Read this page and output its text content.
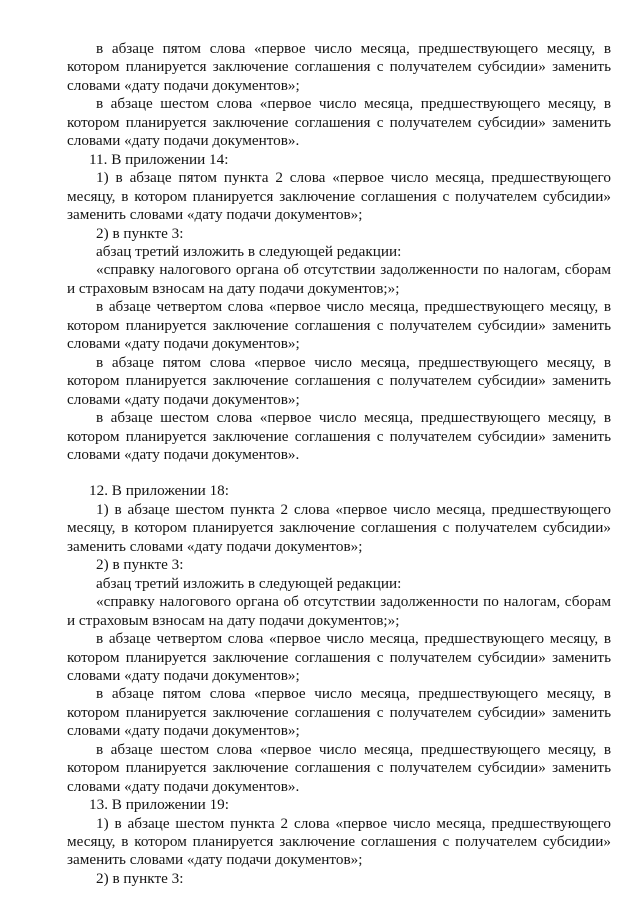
в абзаце пятом слова «первое число месяца, предшествующего месяцу, в котором планируется заключение соглашения с получателем субсидии» заменить словами «дату подачи документов»;

в абзаце шестом слова «первое число месяца, предшествующего месяцу, в котором планируется заключение соглашения с получателем субсидии» заменить словами «дату подачи документов».

11. В приложении 14:

1) в абзаце пятом пункта 2 слова «первое число месяца, предшествующего месяцу, в котором планируется заключение соглашения с получателем субсидии» заменить словами «дату подачи документов»;

2) в пункте 3:

абзац третий изложить в следующей редакции:

«справку налогового органа об отсутствии задолженности по налогам, сборам и страховым взносам на дату подачи документов;»;

в абзаце четвертом слова «первое число месяца, предшествующего месяцу, в котором планируется заключение соглашения с получателем субсидии» заменить словами «дату подачи документов»;

в абзаце пятом слова «первое число месяца, предшествующего месяцу, в котором планируется заключение соглашения с получателем субсидии» заменить словами «дату подачи документов»;

в абзаце шестом слова «первое число месяца, предшествующего месяцу, в котором планируется заключение соглашения с получателем субсидии» заменить словами «дату подачи документов».

12. В приложении 18:

1) в абзаце шестом пункта 2 слова «первое число месяца, предшествующего месяцу, в котором планируется заключение соглашения с получателем субсидии» заменить словами «дату подачи документов»;

2) в пункте 3:

абзац третий изложить в следующей редакции:

«справку налогового органа об отсутствии задолженности по налогам, сборам и страховым взносам на дату подачи документов;»;

в абзаце четвертом слова «первое число месяца, предшествующего месяцу, в котором планируется заключение соглашения с получателем субсидии» заменить словами «дату подачи документов»;

в абзаце пятом слова «первое число месяца, предшествующего месяцу, в котором планируется заключение соглашения с получателем субсидии» заменить словами «дату подачи документов»;

в абзаце шестом слова «первое число месяца, предшествующего месяцу, в котором планируется заключение соглашения с получателем субсидии» заменить словами «дату подачи документов».

13. В приложении 19:

1) в абзаце шестом пункта 2 слова «первое число месяца, предшествующего месяцу, в котором планируется заключение соглашения с получателем субсидии» заменить словами «дату подачи документов»;

2) в пункте 3:
